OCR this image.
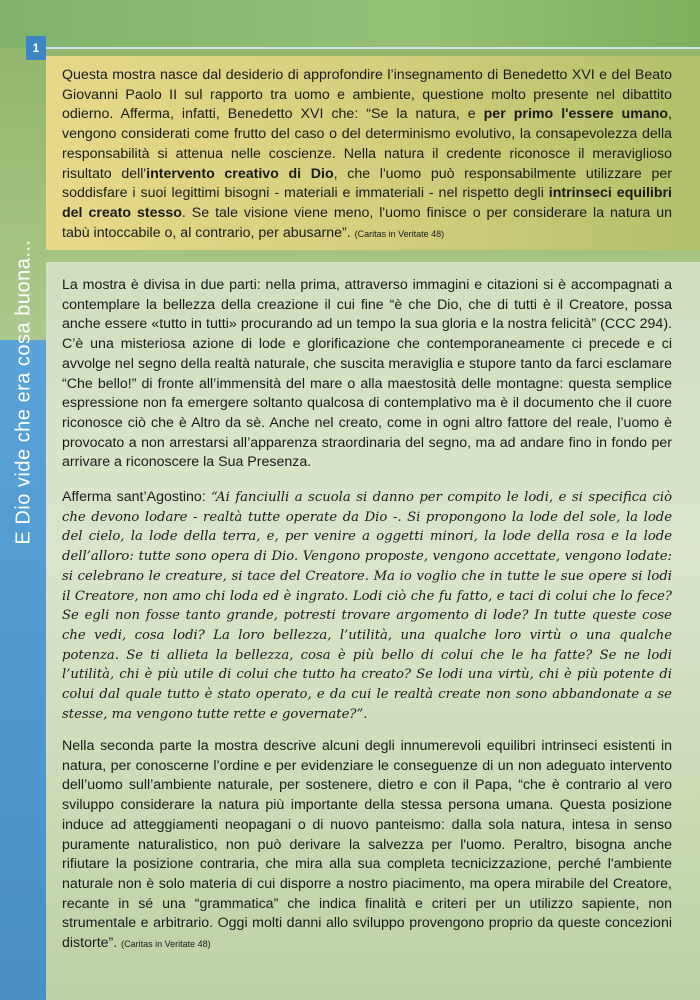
1
E Dio vide che era cosa buona...

Questa mostra nasce dal desiderio di approfondire l’insegnamento di Benedetto XVI e del Beato Giovanni Paolo II sul rapporto tra uomo e ambiente, questione molto presente nel dibattito odierno. Afferma, infatti, Benedetto XVI che: “Se la natura, e per primo l'essere umano, vengono considerati come frutto del caso o del determinismo evolutivo, la consapevolezza della responsabilità si attenua nelle coscienze. Nella natura il credente riconosce il meraviglioso risultato dell'intervento creativo di Dio, che l'uomo può responsabilmente utilizzare per soddisfare i suoi legittimi bisogni - materiali e immateriali - nel rispetto degli intrinseci equilibri del creato stesso. Se tale visione viene meno, l'uomo finisce o per considerare la natura un tabù intoccabile o, al contrario, per abusarne”. (Caritas in Veritate 48)

La mostra è divisa in due parti: nella prima, attraverso immagini e citazioni si è accompagnati a contemplare la bellezza della creazione il cui fine “è che Dio, che di tutti è il Creatore, possa anche essere «tutto in tutti» procurando ad un tempo la sua gloria e la nostra felicità” (CCC 294). C’è una misteriosa azione di lode e glorificazione che contemporaneamente ci precede e ci avvolge nel segno della realtà naturale, che suscita meraviglia e stupore tanto da farci esclamare “Che bello!” di fronte all’immensità del mare o alla maestosità delle montagne: questa semplice espressione non fa emergere soltanto qualcosa di contemplativo ma è il documento che il cuore riconosce ciò che è Altro da sè. Anche nel creato, come in ogni altro fattore del reale, l’uomo è provocato a non arrestarsi all’apparenza straordinaria del segno, ma ad andare fino in fondo per arrivare a riconoscere la Sua Presenza.

Afferma sant’Agostino: “Ai fanciulli a scuola si danno per compito le lodi, e si specifica ciò che devono lodare - realtà tutte operate da Dio -. Si propongono la lode del sole, la lode del cielo, la lode della terra, e, per venire a oggetti minori, la lode della rosa e la lode dell’alloro: tutte sono opera di Dio. Vengono proposte, vengono accettate, vengono lodate: si celebrano le creature, si tace del Creatore. Ma io voglio che in tutte le sue opere si lodi il Creatore, non amo chi loda ed è ingrato. Lodi ciò che fu fatto, e taci di colui che lo fece? Se egli non fosse tanto grande, potresti trovare argomento di lode? In tutte queste cose che vedi, cosa lodi? La loro bellezza, l’utilità, una qualche loro virtù o una qualche potenza. Se ti allieta la bellezza, cosa è più bello di colui che le ha fatte? Se ne lodi l’utilità, chi è più utile di colui che tutto ha creato? Se lodi una virtù, chi è più potente di colui dal quale tutto è stato operato, e da cui le realtà create non sono abbandonate a se stesse, ma vengono tutte rette e governate?”.

Nella seconda parte la mostra descrive alcuni degli innumerevoli equilibri intrinseci esistenti in natura, per conoscerne l’ordine e per evidenziare le conseguenze di un non adeguato intervento dell’uomo sull’ambiente naturale, per sostenere, dietro e con il Papa, “che è contrario al vero sviluppo considerare la natura più importante della stessa persona umana. Questa posizione induce ad atteggiamenti neopagani o di nuovo panteismo: dalla sola natura, intesa in senso puramente naturalistico, non può derivare la salvezza per l'uomo. Peraltro, bisogna anche rifiutare la posizione contraria, che mira alla sua completa tecnicizzazione, perché l'ambiente naturale non è solo materia di cui disporre a nostro piacimento, ma opera mirabile del Creatore, recante in sé una “grammatica” che indica finalità e criteri per un utilizzo sapiente, non strumentale e arbitrario. Oggi molti danni allo sviluppo provengono proprio da queste concezioni distorte”. (Caritas in Veritate 48)
